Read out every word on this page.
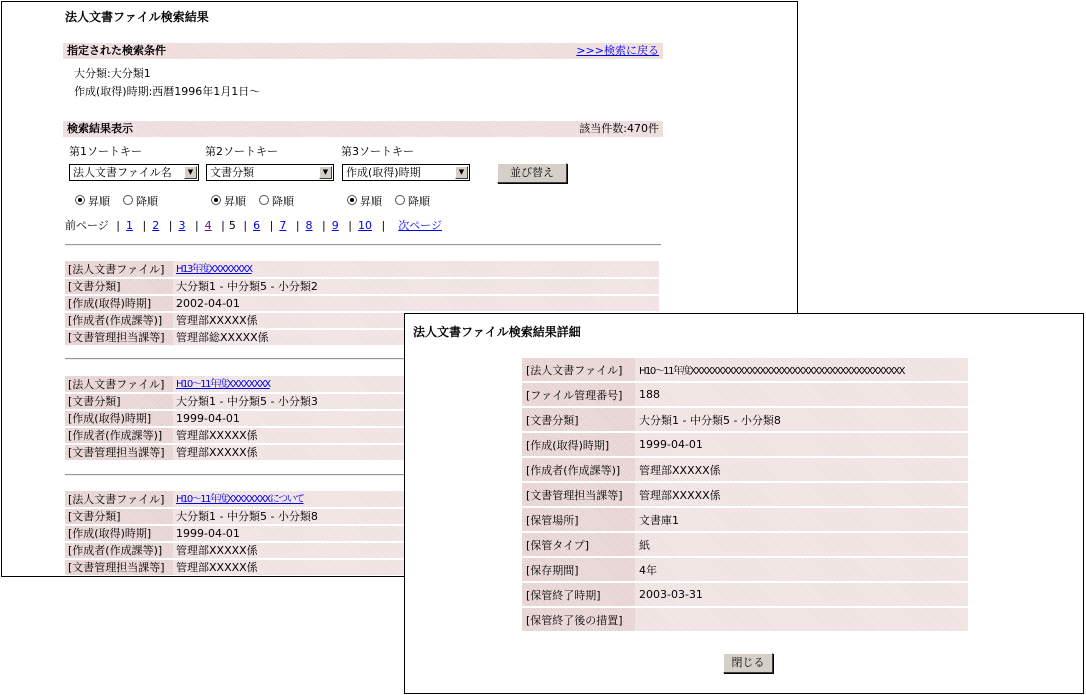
法人文書ファイル検索結果
指定された検索条件	>>>検索に戻る
大分類:大分類1
作成(取得)時期:西暦1996年1月1日～
検索結果表示	該当件数:470件
第1ソートキー	第2ソートキー	第3ソートキー
法人文書ファイル名	▼	文書分類	▼	作成(取得)時期	▼	並び替え
昇順 降順	昇順 降順	昇順 降順
前ページ | 1 | 2 | 3 | 4 | 5 | 6 | 7 | 8 | 9 | 10 | 次ページ
[法人文書ファイル]	H13年度XXXXXXXX
[文書分類]	大分類1 - 中分類5 - 小分類2
[作成(取得)時期]	2002-04-01
[作成者(作成課等)]	管理部XXXXX係
[文書管理担当課等]	管理部総XXXXX係
[法人文書ファイル]	H10～11年度XXXXXXXX
[文書分類]	大分類1 - 中分類5 - 小分類3
[作成(取得)時期]	1999-04-01
[作成者(作成課等)]	管理部XXXXX係
[文書管理担当課等]	管理部XXXXX係
[法人文書ファイル]	H10～11年度XXXXXXXXについて
[文書分類]	大分類1 - 中分類5 - 小分類8
[作成(取得)時期]	1999-04-01
[作成者(作成課等)]	管理部XXXXX係
[文書管理担当課等]	管理部XXXXX係
法人文書ファイル検索結果詳細
[法人文書ファイル]	H10～11年度XXXXXXXXXXXXXXXXXXXXXXXXXXXXXXXXXXXXXXXX
[ファイル管理番号]	188
[文書分類]	大分類1 - 中分類5 - 小分類8
[作成(取得)時期]	1999-04-01
[作成者(作成課等)]	管理部XXXXX係
[文書管理担当課等]	管理部XXXXX係
[保管場所]	文書庫1
[保管タイプ]	紙
[保存期間]	4年
[保管終了時期]	2003-03-31
[保管終了後の措置]	
閉じる
